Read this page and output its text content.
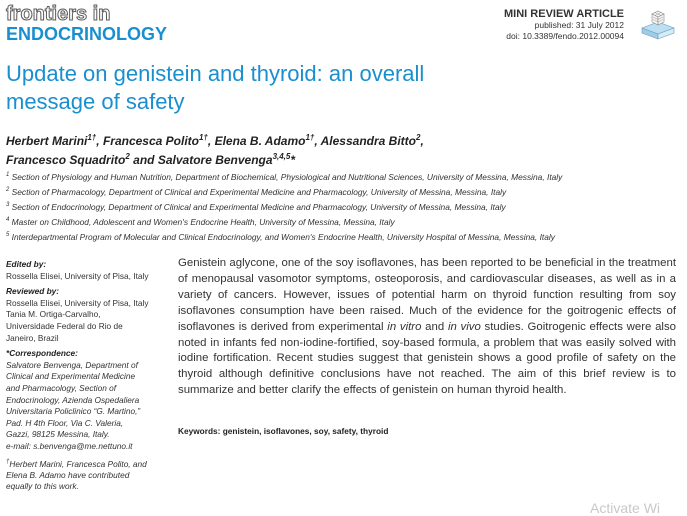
frontiers in
ENDOCRINOLOGY
MINI REVIEW ARTICLE
published: 31 July 2012
doi: 10.3389/fendo.2012.00094
Update on genistein and thyroid: an overall
message of safety
Herbert Marini$^{1\dagger}$, Francesca Polito$^{1\dagger}$, Elena B. Adamo$^{1\dagger}$, Alessandra Bitto$^2$,
Francesco Squadrito$^2$ and Salvatore Benvenga$^{3,4,5}$*
$^1$ Section of Physiology and Human Nutrition, Department of Biochemical, Physiological and Nutritional Sciences, University of Messina, Messina, Italy
$^2$ Section of Pharmacology, Department of Clinical and Experimental Medicine and Pharmacology, University of Messina, Messina, Italy
$^3$ Section of Endocrinology, Department of Clinical and Experimental Medicine and Pharmacology, University of Messina, Messina, Italy
$^4$ Master on Childhood, Adolescent and Women's Endocrine Health, University of Messina, Messina, Italy
$^5$ Interdepartmental Program of Molecular and Clinical Endocrinology, and Women's Endocrine Health, University Hospital of Messina, Messina, Italy
Edited by:
Rossella Elisei, University of Pisa, Italy
Reviewed by:
Rossella Elisei, University of Pisa, Italy
Tania M. Ortiga-Carvalho,
Universidade Federal do Rio de
Janeiro, Brazil
*Correspondence:
Salvatore Benvenga, Department of
Clinical and Experimental Medicine
and Pharmacology, Section of
Endocrinology, Azienda Ospedaliera
Universitaria Policlinico “G. Martino,”
Pad. H 4th Floor, Via C. Valeria,
Gazzi, 98125 Messina, Italy.
e-mail: s.benvenga@me.nettuno.it
†Herbert Marini, Francesca Polito, and
Elena B. Adamo have contributed
equally to this work.
Genistein aglycone, one of the soy isoflavones, has been reported to be beneficial in the treatment of menopausal vasomotor symptoms, osteoporosis, and cardiovascular diseases, as well as in a variety of cancers. However, issues of potential harm on thyroid function resulting from soy isoflavones consumption have been raised. Much of the evidence for the goitrogenic effects of isoflavones is derived from experimental in vitro and in vivo studies. Goitrogenic effects were also noted in infants fed non-iodine-fortified, soy-based formula, a problem that was easily solved with iodine fortification. Recent studies suggest that genistein shows a good profile of safety on the thyroid although definitive conclusions have not reached. The aim of this brief review is to summarize and better clarify the effects of genistein on human thyroid health.
Keywords: genistein, isoflavones, soy, safety, thyroid
Activate Wi
